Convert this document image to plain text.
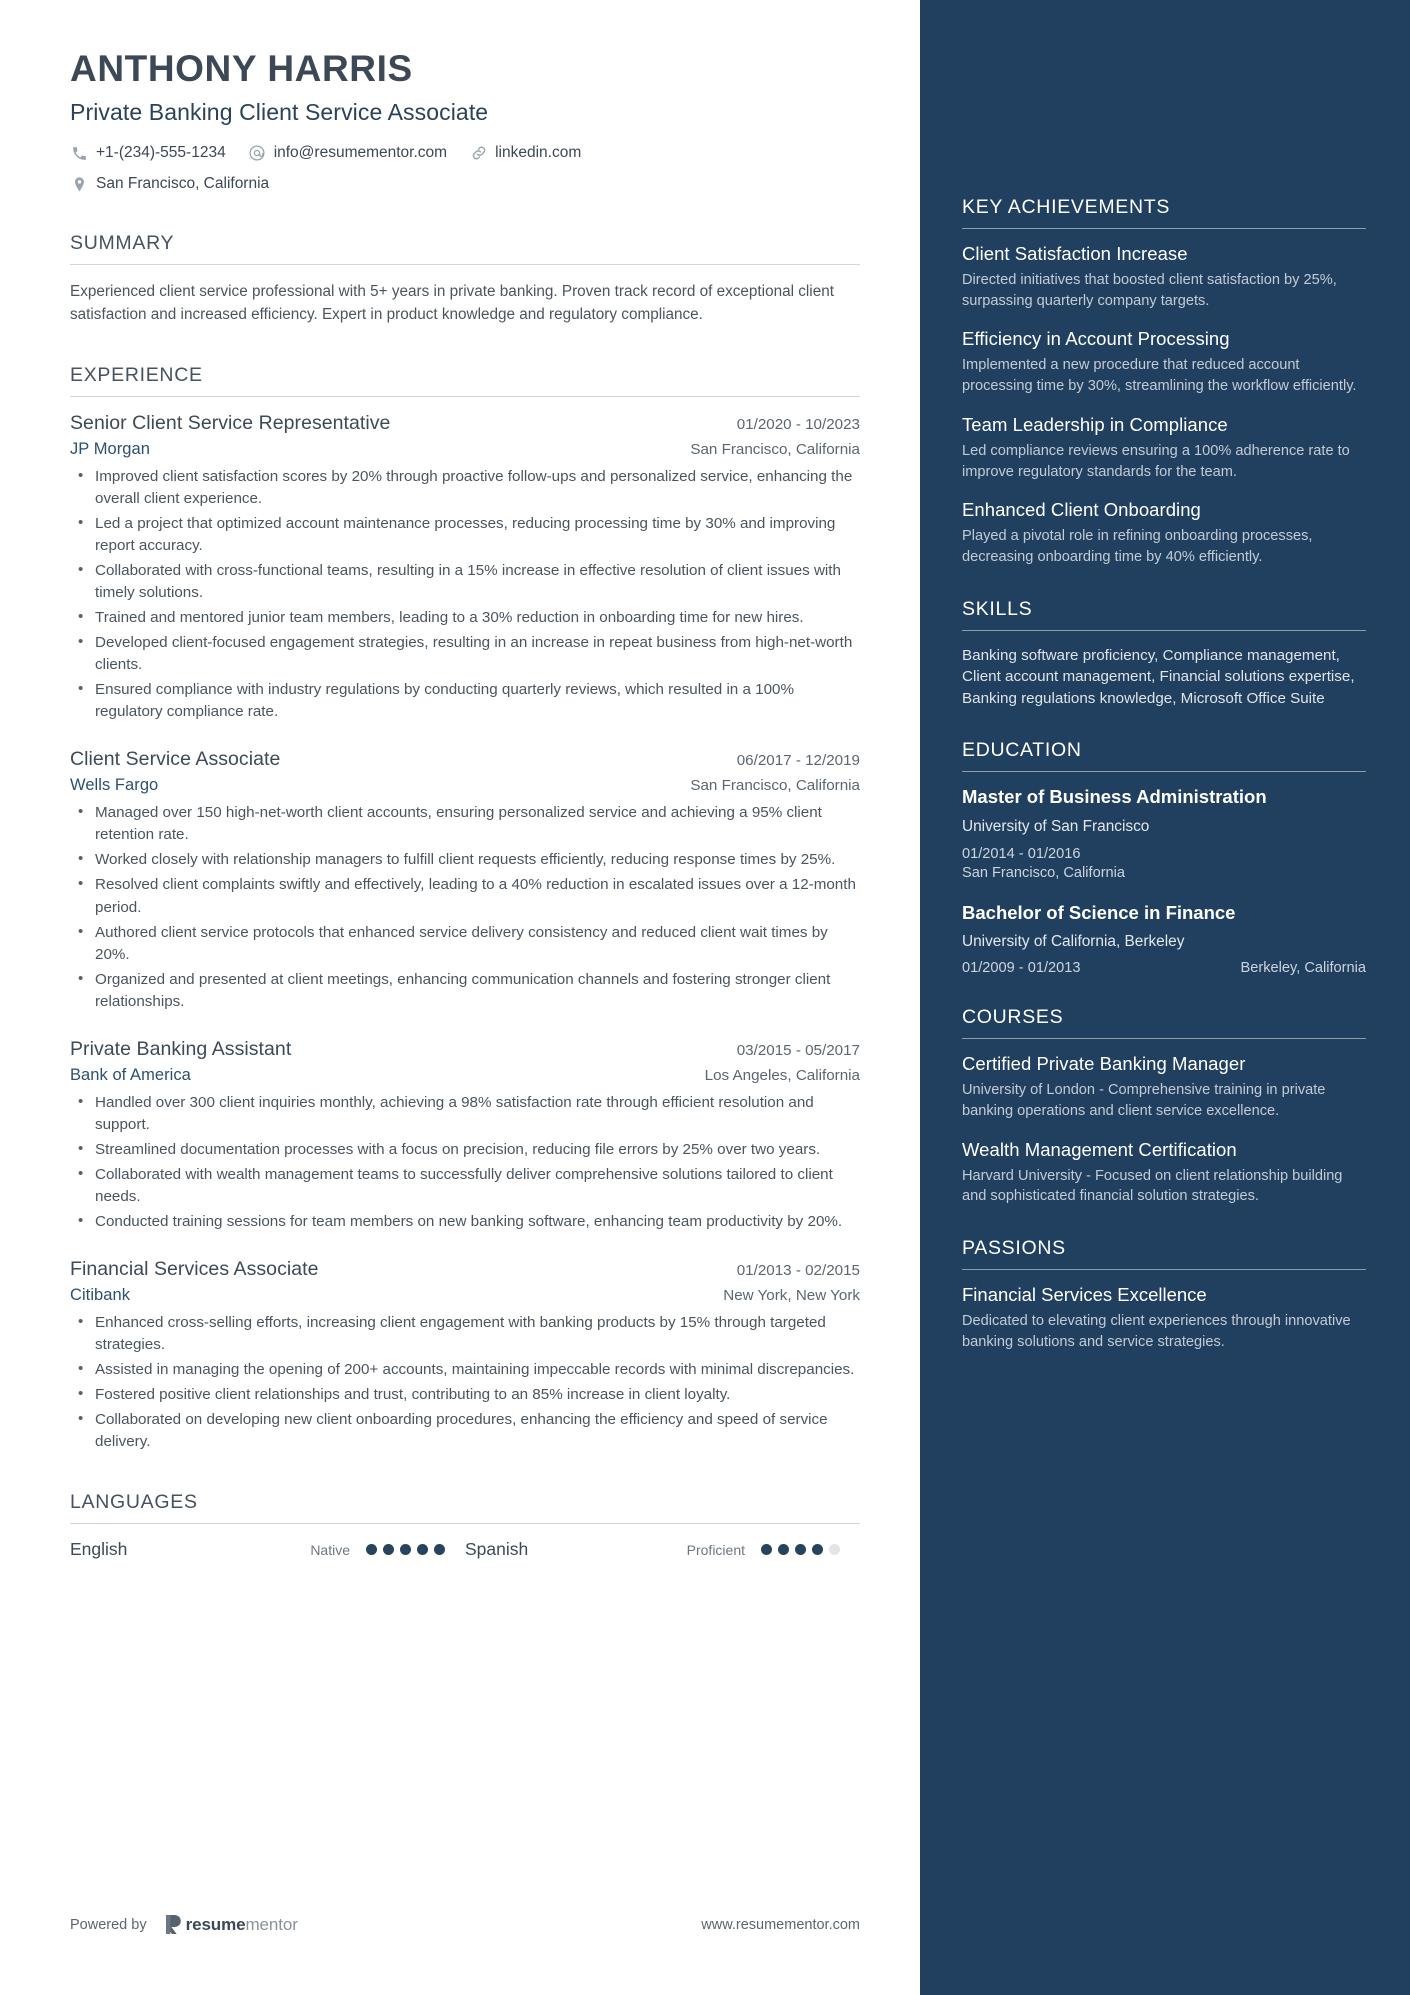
ANTHONY HARRIS
Private Banking Client Service Associate
+1-(234)-555-1234	info@resumementor.com	linkedin.com
San Francisco, California
SUMMARY
Experienced client service professional with 5+ years in private banking. Proven track record of exceptional client satisfaction and increased efficiency. Expert in product knowledge and regulatory compliance.
EXPERIENCE
Senior Client Service Representative	01/2020 - 10/2023
JP Morgan	San Francisco, California
• Improved client satisfaction scores by 20% through proactive follow-ups and personalized service, enhancing the overall client experience.
• Led a project that optimized account maintenance processes, reducing processing time by 30% and improving report accuracy.
• Collaborated with cross-functional teams, resulting in a 15% increase in effective resolution of client issues with timely solutions.
• Trained and mentored junior team members, leading to a 30% reduction in onboarding time for new hires.
• Developed client-focused engagement strategies, resulting in an increase in repeat business from high-net-worth clients.
• Ensured compliance with industry regulations by conducting quarterly reviews, which resulted in a 100% regulatory compliance rate.
Client Service Associate	06/2017 - 12/2019
Wells Fargo	San Francisco, California
• Managed over 150 high-net-worth client accounts, ensuring personalized service and achieving a 95% client retention rate.
• Worked closely with relationship managers to fulfill client requests efficiently, reducing response times by 25%.
• Resolved client complaints swiftly and effectively, leading to a 40% reduction in escalated issues over a 12-month period.
• Authored client service protocols that enhanced service delivery consistency and reduced client wait times by 20%.
• Organized and presented at client meetings, enhancing communication channels and fostering stronger client relationships.
Private Banking Assistant	03/2015 - 05/2017
Bank of America	Los Angeles, California
• Handled over 300 client inquiries monthly, achieving a 98% satisfaction rate through efficient resolution and support.
• Streamlined documentation processes with a focus on precision, reducing file errors by 25% over two years.
• Collaborated with wealth management teams to successfully deliver comprehensive solutions tailored to client needs.
• Conducted training sessions for team members on new banking software, enhancing team productivity by 20%.
Financial Services Associate	01/2013 - 02/2015
Citibank	New York, New York
• Enhanced cross-selling efforts, increasing client engagement with banking products by 15% through targeted strategies.
• Assisted in managing the opening of 200+ accounts, maintaining impeccable records with minimal discrepancies.
• Fostered positive client relationships and trust, contributing to an 85% increase in client loyalty.
• Collaborated on developing new client onboarding procedures, enhancing the efficiency and speed of service delivery.
LANGUAGES
English	Native	Spanish	Proficient
Powered by resume mentor	www.resumementor.com
KEY ACHIEVEMENTS
Client Satisfaction Increase
Directed initiatives that boosted client satisfaction by 25%, surpassing quarterly company targets.
Efficiency in Account Processing
Implemented a new procedure that reduced account processing time by 30%, streamlining the workflow efficiently.
Team Leadership in Compliance
Led compliance reviews ensuring a 100% adherence rate to improve regulatory standards for the team.
Enhanced Client Onboarding
Played a pivotal role in refining onboarding processes, decreasing onboarding time by 40% efficiently.
SKILLS
Banking software proficiency, Compliance management, Client account management, Financial solutions expertise, Banking regulations knowledge, Microsoft Office Suite
EDUCATION
Master of Business Administration
University of San Francisco
01/2014 - 01/2016
San Francisco, California
Bachelor of Science in Finance
University of California, Berkeley
01/2009 - 01/2013	Berkeley, California
COURSES
Certified Private Banking Manager
University of London - Comprehensive training in private banking operations and client service excellence.
Wealth Management Certification
Harvard University - Focused on client relationship building and sophisticated financial solution strategies.
PASSIONS
Financial Services Excellence
Dedicated to elevating client experiences through innovative banking solutions and service strategies.
